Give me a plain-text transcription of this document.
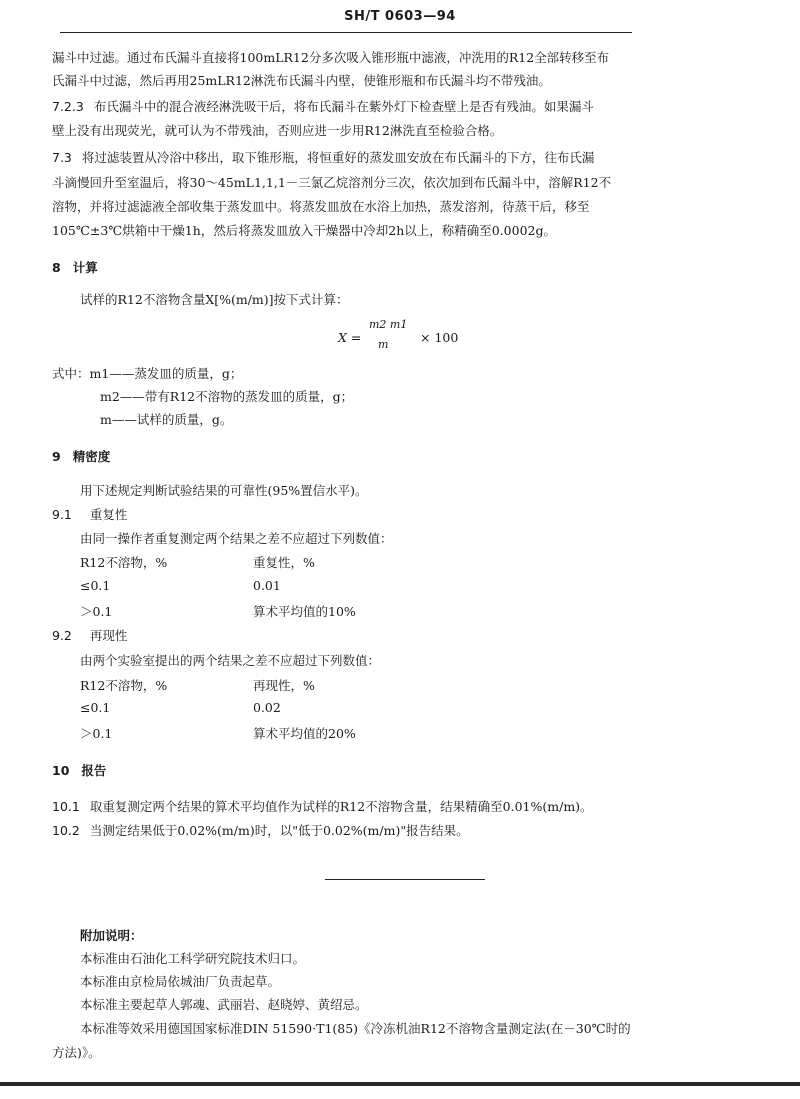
SH/T 0603—94
漏斗中过滤。通过布氏漏斗直接将100mLR12分多次吸入锥形瓶中滤液，冲洗用的R12全部转移至布
氏漏斗中过滤，然后再用25mLR12淋洗布氏漏斗内壁，使锥形瓶和布氏漏斗均不带残油。
7.2.3 布氏漏斗中的混合液经淋洗吸干后，将布氏漏斗在紫外灯下检查壁上是否有残油。如果漏斗
壁上没有出现荧光，就可认为不带残油，否则应进一步用R12淋洗直至检验合格。
7.3 将过滤装置从冷浴中移出，取下锥形瓶，将恒重好的蒸发皿安放在布氏漏斗的下方，往布氏漏
斗滴慢回升至室温后，将30～45mL1,1,1－三氯乙烷溶剂分三次，依次加到布氏漏斗中，溶解R12不
溶物，并将过滤滤液全部收集于蒸发皿中。将蒸发皿放在水浴上加热，蒸发溶剂，待蒸干后，移至
105℃±3℃烘箱中干燥1h，然后将蒸发皿放入干燥器中冷却2h以上，称精确至0.0002g。
8 计算
试样的R12不溶物含量X[%(m/m)]按下式计算：
X =
m2 m1
m	× 100
式中：m1——蒸发皿的质量，g；
m2——带有R12不溶物的蒸发皿的质量，g；
m——试样的质量，g。
9 精密度
用下述规定判断试验结果的可靠性(95%置信水平)。
9.1 重复性
由同一操作者重复测定两个结果之差不应超过下列数值：
R12不溶物，%	重复性，%
≤0.1	0.01
＞0.1	算术平均值的10%
9.2 再现性
由两个实验室提出的两个结果之差不应超过下列数值：
R12不溶物，%	再现性，%
≤0.1	0.02
＞0.1	算术平均值的20%
10 报告
10.1 取重复测定两个结果的算术平均值作为试样的R12不溶物含量，结果精确至0.01%(m/m)。
10.2 当测定结果低于0.02%(m/m)时，以"低于0.02%(m/m)"报告结果。
附加说明：
本标准由石油化工科学研究院技术归口。
本标准由京检局依城油厂负责起草。
本标准主要起草人郭魂、武丽岩、赵晓婷、黄绍忌。
本标准等效采用德国国家标准DIN 51590·T1(85)《冷冻机油R12不溶物含量测定法(在－30℃时的
方法)》。
